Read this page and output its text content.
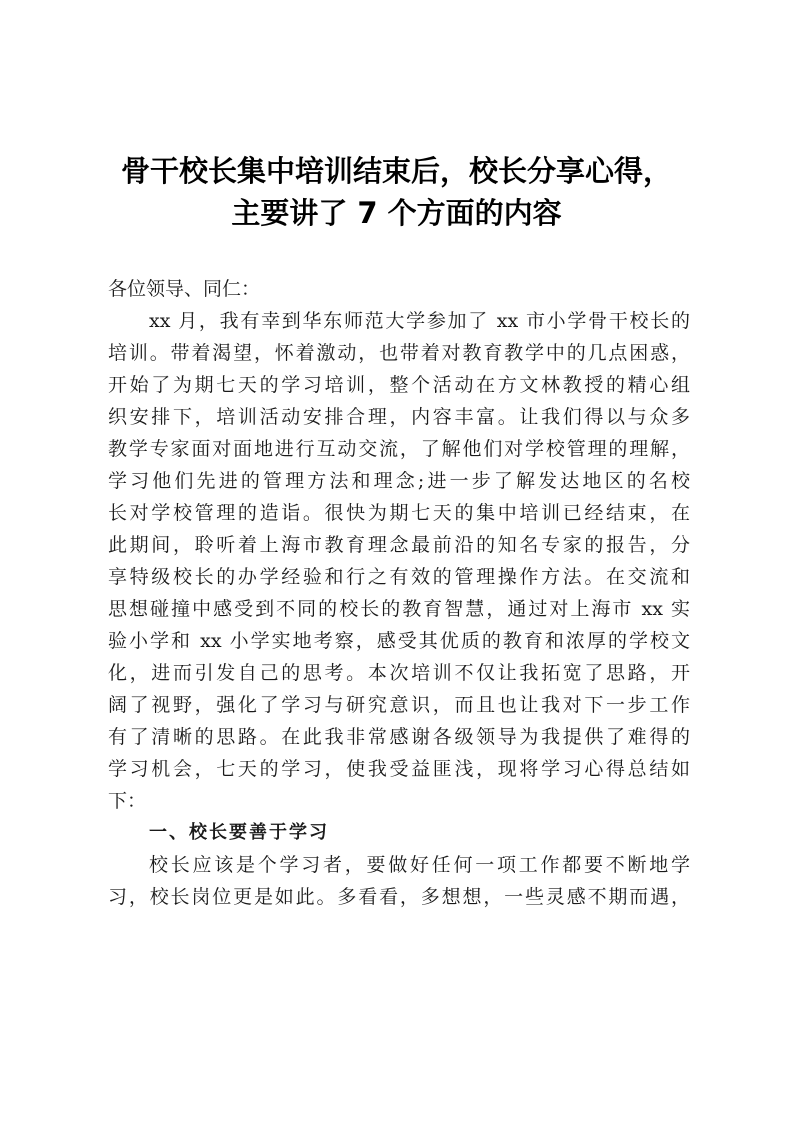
骨干校长集中培训结束后，校长分享心得，
主要讲了 7 个方面的内容
各位领导、同仁：
xx 月，我有幸到华东师范大学参加了 xx 市小学骨干校长的
培训。带着渴望，怀着激动，也带着对教育教学中的几点困惑，
开始了为期七天的学习培训，整个活动在方文林教授的精心组
织安排下，培训活动安排合理，内容丰富。让我们得以与众多
教学专家面对面地进行互动交流，了解他们对学校管理的理解，
学习他们先进的管理方法和理念;进一步了解发达地区的名校
长对学校管理的造诣。很快为期七天的集中培训已经结束，在
此期间，聆听着上海市教育理念最前沿的知名专家的报告，分
享特级校长的办学经验和行之有效的管理操作方法。在交流和
思想碰撞中感受到不同的校长的教育智慧，通过对上海市 xx 实
验小学和 xx 小学实地考察，感受其优质的教育和浓厚的学校文
化，进而引发自己的思考。本次培训不仅让我拓宽了思路，开
阔了视野，强化了学习与研究意识，而且也让我对下一步工作
有了清晰的思路。在此我非常感谢各级领导为我提供了难得的
学习机会，七天的学习，使我受益匪浅，现将学习心得总结如
下：
一、校长要善于学习
校长应该是个学习者，要做好任何一项工作都要不断地学
习，校长岗位更是如此。多看看，多想想，一些灵感不期而遇，
